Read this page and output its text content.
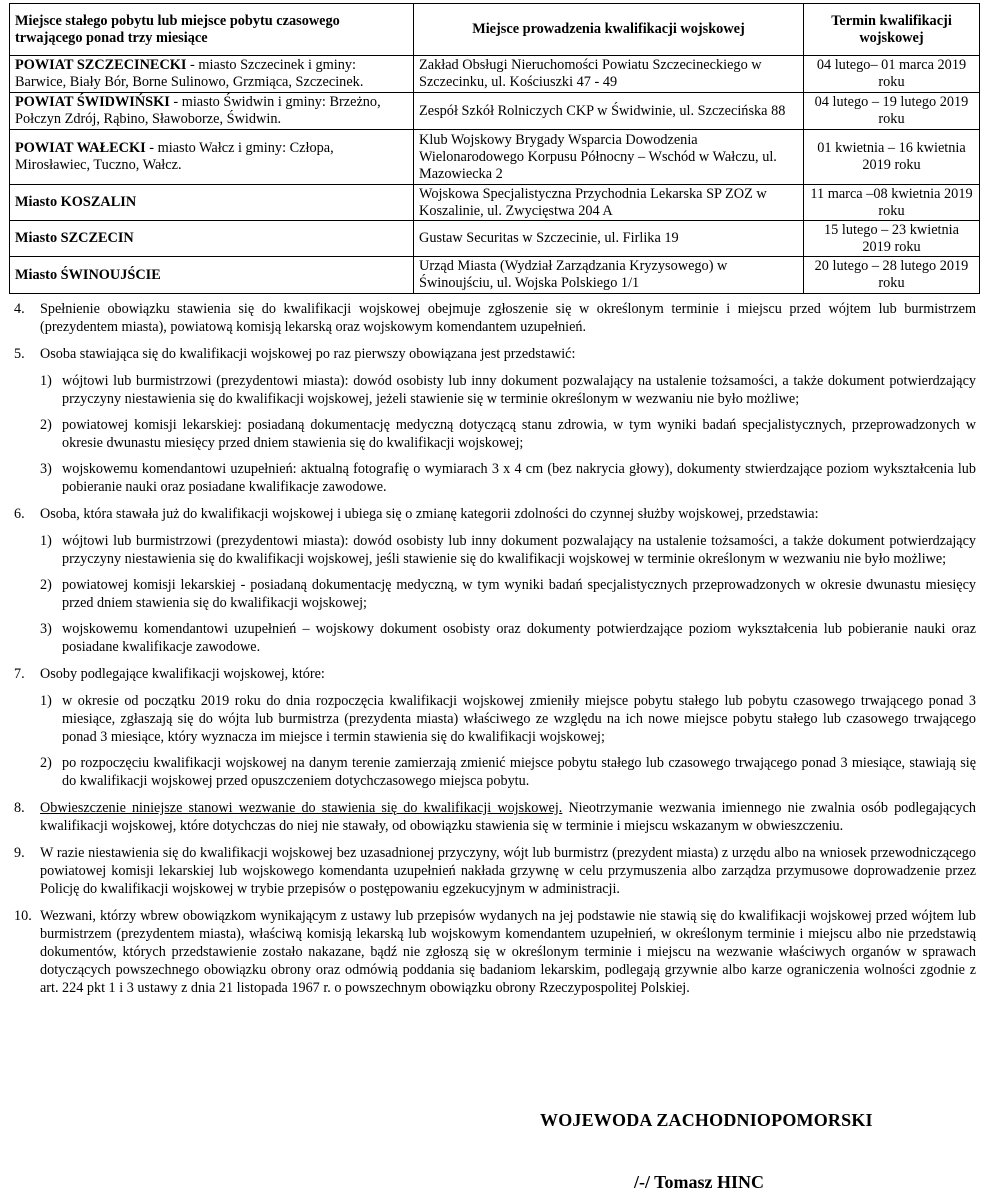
Miejsce stałego pobytu lub miejsce pobytu czasowego trwającego ponad trzy miesiące	Miejsce prowadzenia kwalifikacji wojskowej	Termin kwalifikacji wojskowej
POWIAT SZCZECINECKI - miasto Szczecinek i gminy: Barwice, Biały Bór, Borne Sulinowo, Grzmiąca, Szczecinek.	Zakład Obsługi Nieruchomości Powiatu Szczecineckiego w Szczecinku, ul. Kościuszki 47 - 49	04 lutego– 01 marca 2019 roku
POWIAT ŚWIDWIŃSKI - miasto Świdwin i gminy: Brzeżno, Połczyn Zdrój, Rąbino, Sławoborze, Świdwin.	Zespół Szkół Rolniczych CKP w Świdwinie, ul. Szczecińska 88	04 lutego – 19 lutego 2019 roku
POWIAT WAŁECKI - miasto Wałcz i gminy: Człopa, Mirosławiec, Tuczno, Wałcz.	Klub Wojskowy Brygady Wsparcia Dowodzenia Wielonarodowego Korpusu Północny – Wschód w Wałczu, ul. Mazowiecka 2	01 kwietnia – 16 kwietnia 2019 roku
Miasto KOSZALIN	Wojskowa Specjalistyczna Przychodnia Lekarska SP ZOZ w Koszalinie, ul. Zwycięstwa 204 A	11 marca –08 kwietnia 2019 roku
Miasto SZCZECIN	Gustaw Securitas w Szczecinie, ul. Firlika 19	15 lutego – 23 kwietnia 2019 roku
Miasto ŚWINOUJŚCIE	Urząd Miasta (Wydział Zarządzania Kryzysowego) w Świnoujściu, ul. Wojska Polskiego 1/1	20 lutego – 28 lutego 2019 roku
4. Spełnienie obowiązku stawienia się do kwalifikacji wojskowej obejmuje zgłoszenie się w określonym terminie i miejscu przed wójtem lub burmistrzem (prezydentem miasta), powiatową komisją lekarską oraz wojskowym komendantem uzupełnień.
5. Osoba stawiająca się do kwalifikacji wojskowej po raz pierwszy obowiązana jest przedstawić:
1) wójtowi lub burmistrzowi (prezydentowi miasta): dowód osobisty lub inny dokument pozwalający na ustalenie tożsamości, a także dokument potwierdzający przyczyny niestawienia się do kwalifikacji wojskowej, jeżeli stawienie się w terminie określonym w wezwaniu nie było możliwe;
2) powiatowej komisji lekarskiej: posiadaną dokumentację medyczną dotyczącą stanu zdrowia, w tym wyniki badań specjalistycznych, przeprowadzonych w okresie dwunastu miesięcy przed dniem stawienia się do kwalifikacji wojskowej;
3) wojskowemu komendantowi uzupełnień: aktualną fotografię o wymiarach 3 x 4 cm (bez nakrycia głowy), dokumenty stwierdzające poziom wykształcenia lub pobieranie nauki oraz posiadane kwalifikacje zawodowe.
6. Osoba, która stawała już do kwalifikacji wojskowej i ubiega się o zmianę kategorii zdolności do czynnej służby wojskowej, przedstawia:
1) wójtowi lub burmistrzowi (prezydentowi miasta): dowód osobisty lub inny dokument pozwalający na ustalenie tożsamości, a także dokument potwierdzający przyczyny niestawienia się do kwalifikacji wojskowej, jeśli stawienie się do kwalifikacji wojskowej w terminie określonym w wezwaniu nie było możliwe;
2) powiatowej komisji lekarskiej - posiadaną dokumentację medyczną, w tym wyniki badań specjalistycznych przeprowadzonych w okresie dwunastu miesięcy przed dniem stawienia się do kwalifikacji wojskowej;
3) wojskowemu komendantowi uzupełnień – wojskowy dokument osobisty oraz dokumenty potwierdzające poziom wykształcenia lub pobieranie nauki oraz posiadane kwalifikacje zawodowe.
7. Osoby podlegające kwalifikacji wojskowej, które:
1) w okresie od początku 2019 roku do dnia rozpoczęcia kwalifikacji wojskowej zmieniły miejsce pobytu stałego lub pobytu czasowego trwającego ponad 3 miesiące, zgłaszają się do wójta lub burmistrza (prezydenta miasta) właściwego ze względu na ich nowe miejsce pobytu stałego lub czasowego trwającego ponad 3 miesiące, który wyznacza im miejsce i termin stawienia się do kwalifikacji wojskowej;
2) po rozpoczęciu kwalifikacji wojskowej na danym terenie zamierzają zmienić miejsce pobytu stałego lub czasowego trwającego ponad 3 miesiące, stawiają się do kwalifikacji wojskowej przed opuszczeniem dotychczasowego miejsca pobytu.
8. Obwieszczenie niniejsze stanowi wezwanie do stawienia się do kwalifikacji wojskowej. Nieotrzymanie wezwania imiennego nie zwalnia osób podlegających kwalifikacji wojskowej, które dotychczas do niej nie stawały, od obowiązku stawienia się w terminie i miejscu wskazanym w obwieszczeniu.
9. W razie niestawienia się do kwalifikacji wojskowej bez uzasadnionej przyczyny, wójt lub burmistrz (prezydent miasta) z urzędu albo na wniosek przewodniczącego powiatowej komisji lekarskiej lub wojskowego komendanta uzupełnień nakłada grzywnę w celu przymuszenia albo zarządza przymusowe doprowadzenie przez Policję do kwalifikacji wojskowej w trybie przepisów o postępowaniu egzekucyjnym w administracji.
10. Wezwani, którzy wbrew obowiązkom wynikającym z ustawy lub przepisów wydanych na jej podstawie nie stawią się do kwalifikacji wojskowej przed wójtem lub burmistrzem (prezydentem miasta), właściwą komisją lekarską lub wojskowym komendantem uzupełnień, w określonym terminie i miejscu albo nie przedstawią dokumentów, których przedstawienie zostało nakazane, bądź nie zgłoszą się w określonym terminie i miejscu na wezwanie właściwych organów w sprawach dotyczących powszechnego obowiązku obrony oraz odmówią poddania się badaniom lekarskim, podlegają grzywnie albo karze ograniczenia wolności zgodnie z art. 224 pkt 1 i 3 ustawy z dnia 21 listopada 1967 r. o powszechnym obowiązku obrony Rzeczypospolitej Polskiej.
WOJEWODA ZACHODNIOPOMORSKI
/-/ Tomasz HINC
